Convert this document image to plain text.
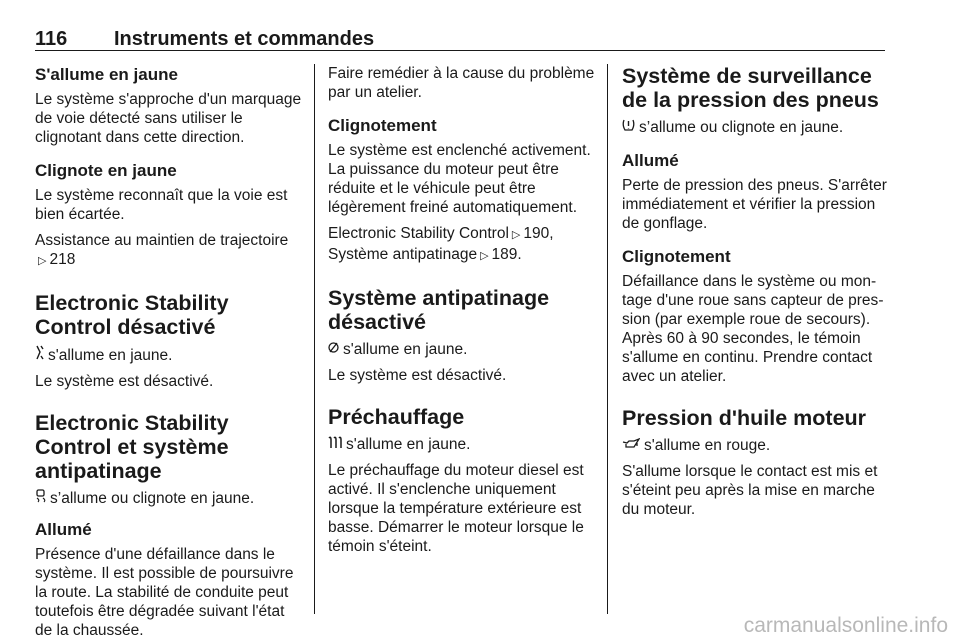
116 Instruments et commandes
S'allume en jaune

Le système s'approche d'un marquage de voie détecté sans utiliser le clignotant dans cette direction.

Clignote en jaune

Le système reconnaît que la voie est bien écartée.

Assistance au maintien de trajectoire
▷ 218

Electronic Stability Control désactivé

s'allume en jaune.

Le système est désactivé.

Electronic Stability Control et système antipatinage

s’allume ou clignote en jaune.

Allumé

Présence d'une défaillance dans le système. Il est possible de poursuivre la route. La stabilité de conduite peut toutefois être dégradée suivant l'état de la chaussée.

Faire remédier à la cause du problème par un atelier.

Clignotement

Le système est enclenché activement. La puissance du moteur peut être réduite et le véhicule peut être légèrement freiné automatiquement.

Electronic Stability Control ▷ 190,
Système antipatinage ▷ 189.

Système antipatinage désactivé

s'allume en jaune.

Le système est désactivé.

Préchauffage

s'allume en jaune.

Le préchauffage du moteur diesel est activé. Il s'enclenche uniquement lorsque la température extérieure est basse. Démarrer le moteur lorsque le témoin s'éteint.

Système de surveillance de la pression des pneus

s’allume ou clignote en jaune.

Allumé

Perte de pression des pneus. S'arrêter immédiatement et vérifier la pression de gonflage.

Clignotement

Défaillance dans le système ou montage d'une roue sans capteur de pression (par exemple roue de secours). Après 60 à 90 secondes, le témoin s'allume en continu. Prendre contact avec un atelier.

Pression d'huile moteur

s'allume en rouge.

S'allume lorsque le contact est mis et s'éteint peu après la mise en marche du moteur.

carmanualsonline.info
